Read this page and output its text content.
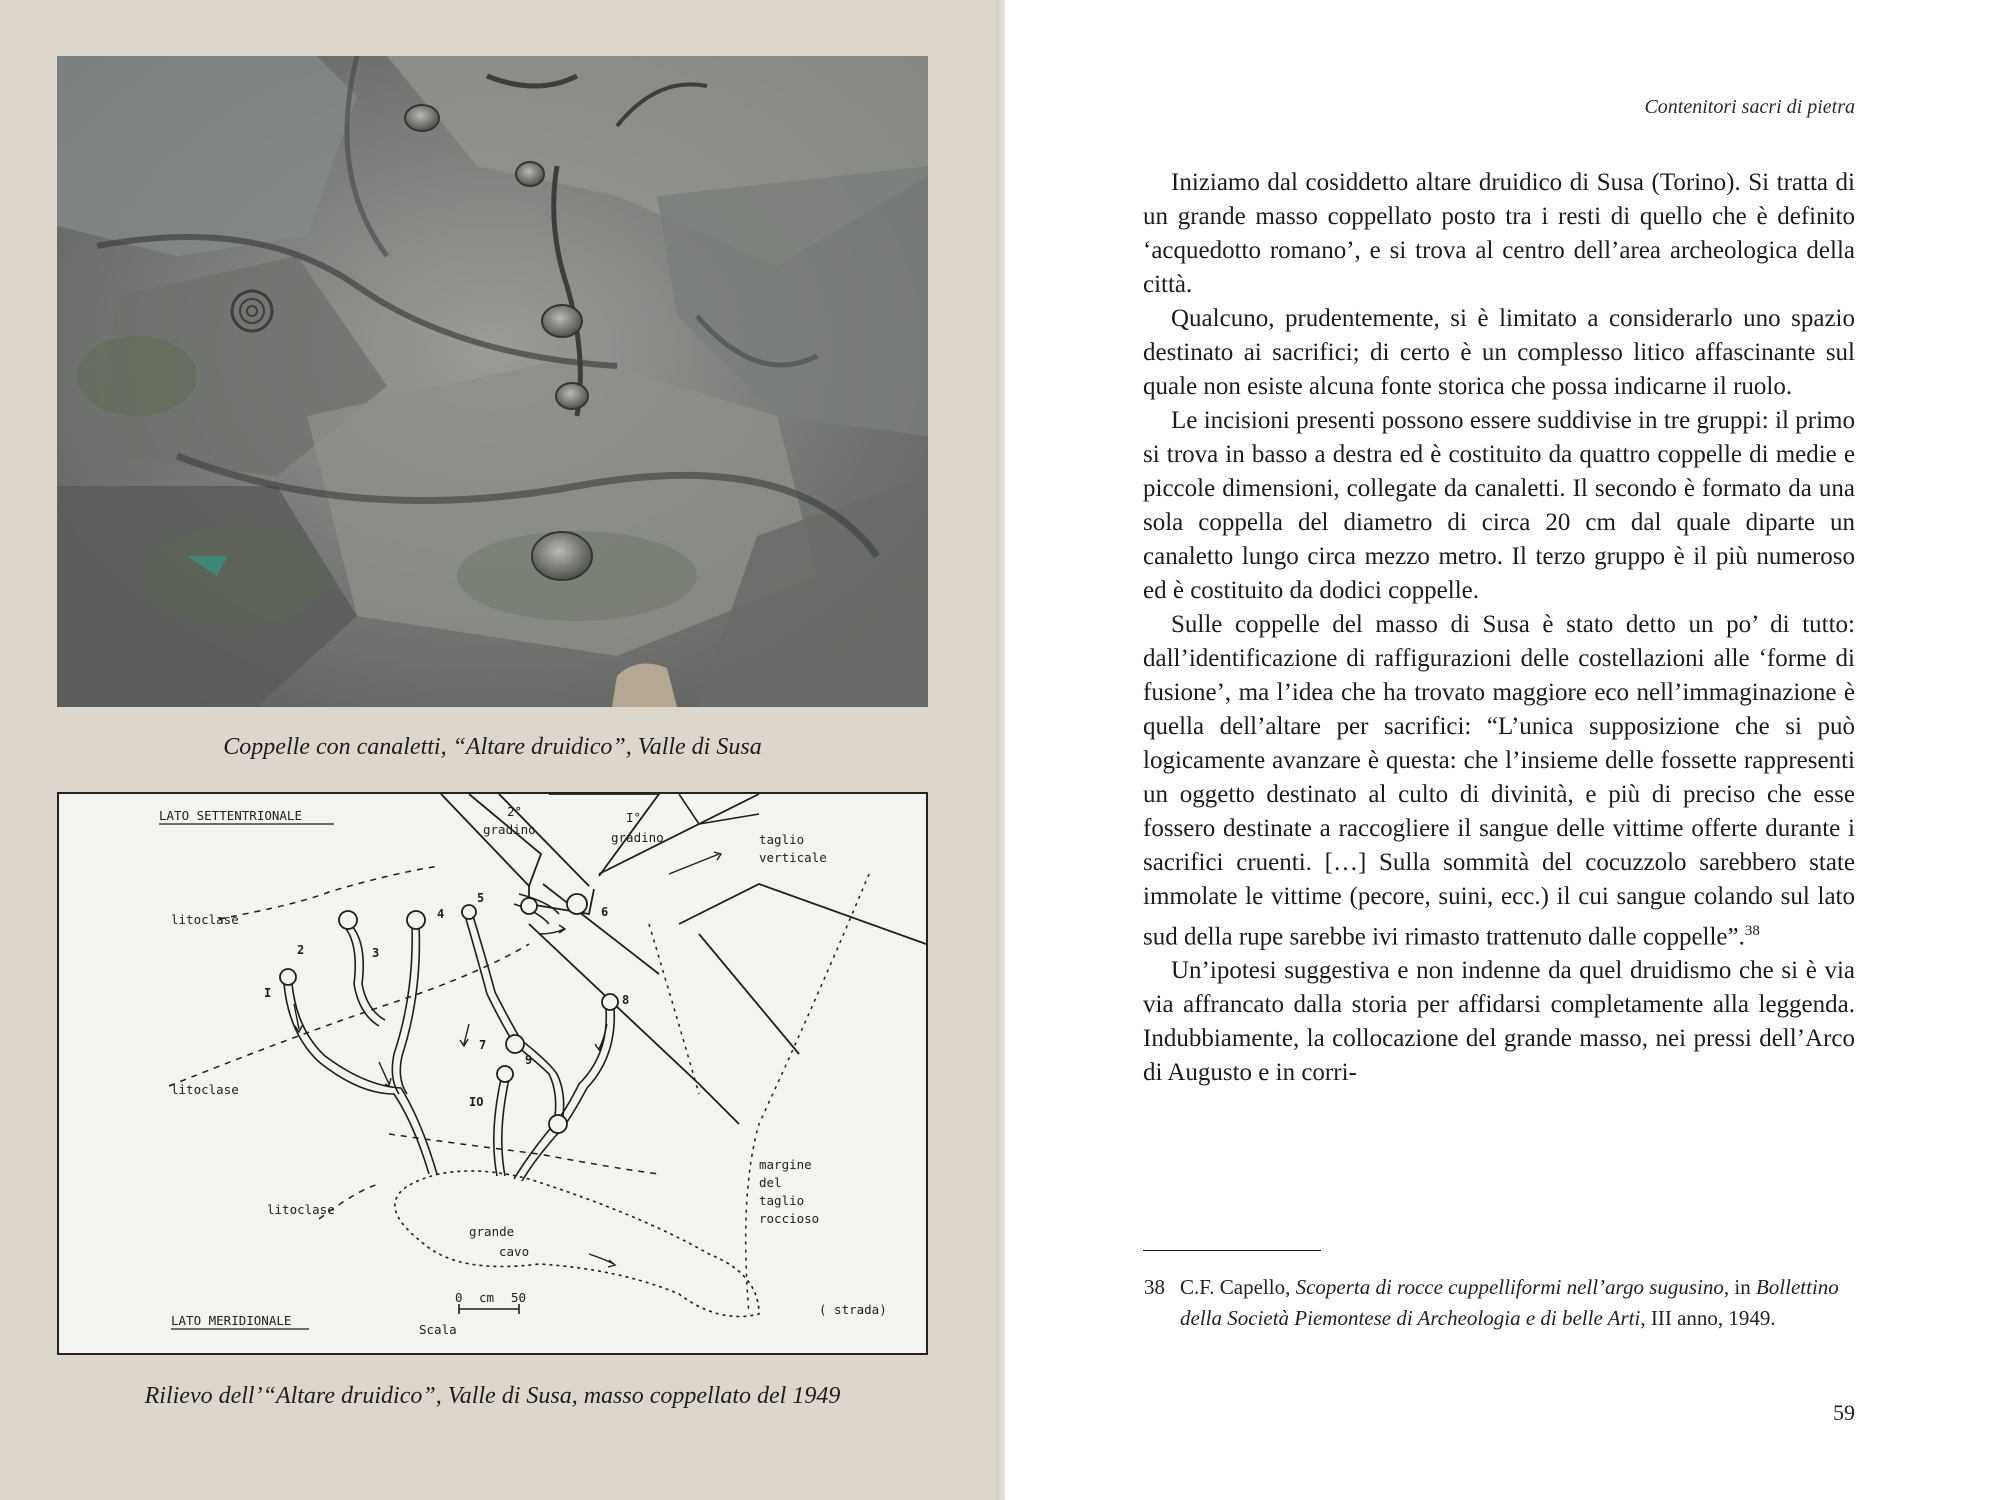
Coppelle con canaletti, “Altare druidico”, Valle di Susa
LATO SETTENTRIONALE
LATO MERIDIONALE
litoclase
litoclase
litoclase
2°
gradino
I°
gradino	taglio
verticale
margine
del
taglio
roccioso
grande
cavo
( strada)
Scala
0 cm 50
I
2	3
4
5
6
7
8
9
IO
Rilievo dell’“Altare druidico”, Valle di Susa, masso coppellato del 1949
Contenitori sacri di pietra

Iniziamo dal cosiddetto altare druidico di Susa (Torino). Si tratta di un grande masso coppellato posto tra i resti di quello che è definito ‘acquedotto romano’, e si trova al centro dell’area archeologica della città.

Qualcuno, prudentemente, si è limitato a considerarlo uno spazio destinato ai sacrifici; di certo è un complesso litico affascinante sul quale non esiste alcuna fonte storica che possa indicarne il ruolo.

Le incisioni presenti possono essere suddivise in tre gruppi: il primo si trova in basso a destra ed è costituito da quattro coppelle di medie e piccole dimensioni, collegate da canaletti. Il secondo è formato da una sola coppella del diametro di circa 20 cm dal quale diparte un canaletto lungo circa mezzo metro. Il terzo gruppo è il più numeroso ed è costituito da dodici coppelle.

Sulle coppelle del masso di Susa è stato detto un po’ di tutto: dall’identificazione di raffigurazioni delle costellazioni alle ‘forme di fusione’, ma l’idea che ha trovato maggiore eco nell’immaginazione è quella dell’altare per sacrifici: “L’unica supposizione che si può logicamente avanzare è questa: che l’insieme delle fossette rappresenti un oggetto destinato al culto di divinità, e più di preciso che esse fossero destinate a raccogliere il sangue delle vittime offerte durante i sacrifici cruenti. […] Sulla sommità del cocuzzolo sarebbero state immolate le vittime (pecore, suini, ecc.) il cui sangue colando sul lato sud della rupe sarebbe ivi rimasto trattenuto dalle coppelle”.$^{38}$

Un’ipotesi suggestiva e non indenne da quel druidismo che si è via via affrancato dalla storia per affidarsi completamente alla leggenda. Indubbiamente, la collocazione del grande masso, nei pressi dell’Arco di Augusto e in corri-

38 C.F. Capello, Scoperta di rocce cuppelliformi nell’argo sugusino, in Bollettino della Società Piemontese di Archeologia e di belle Arti, III anno, 1949.
59
